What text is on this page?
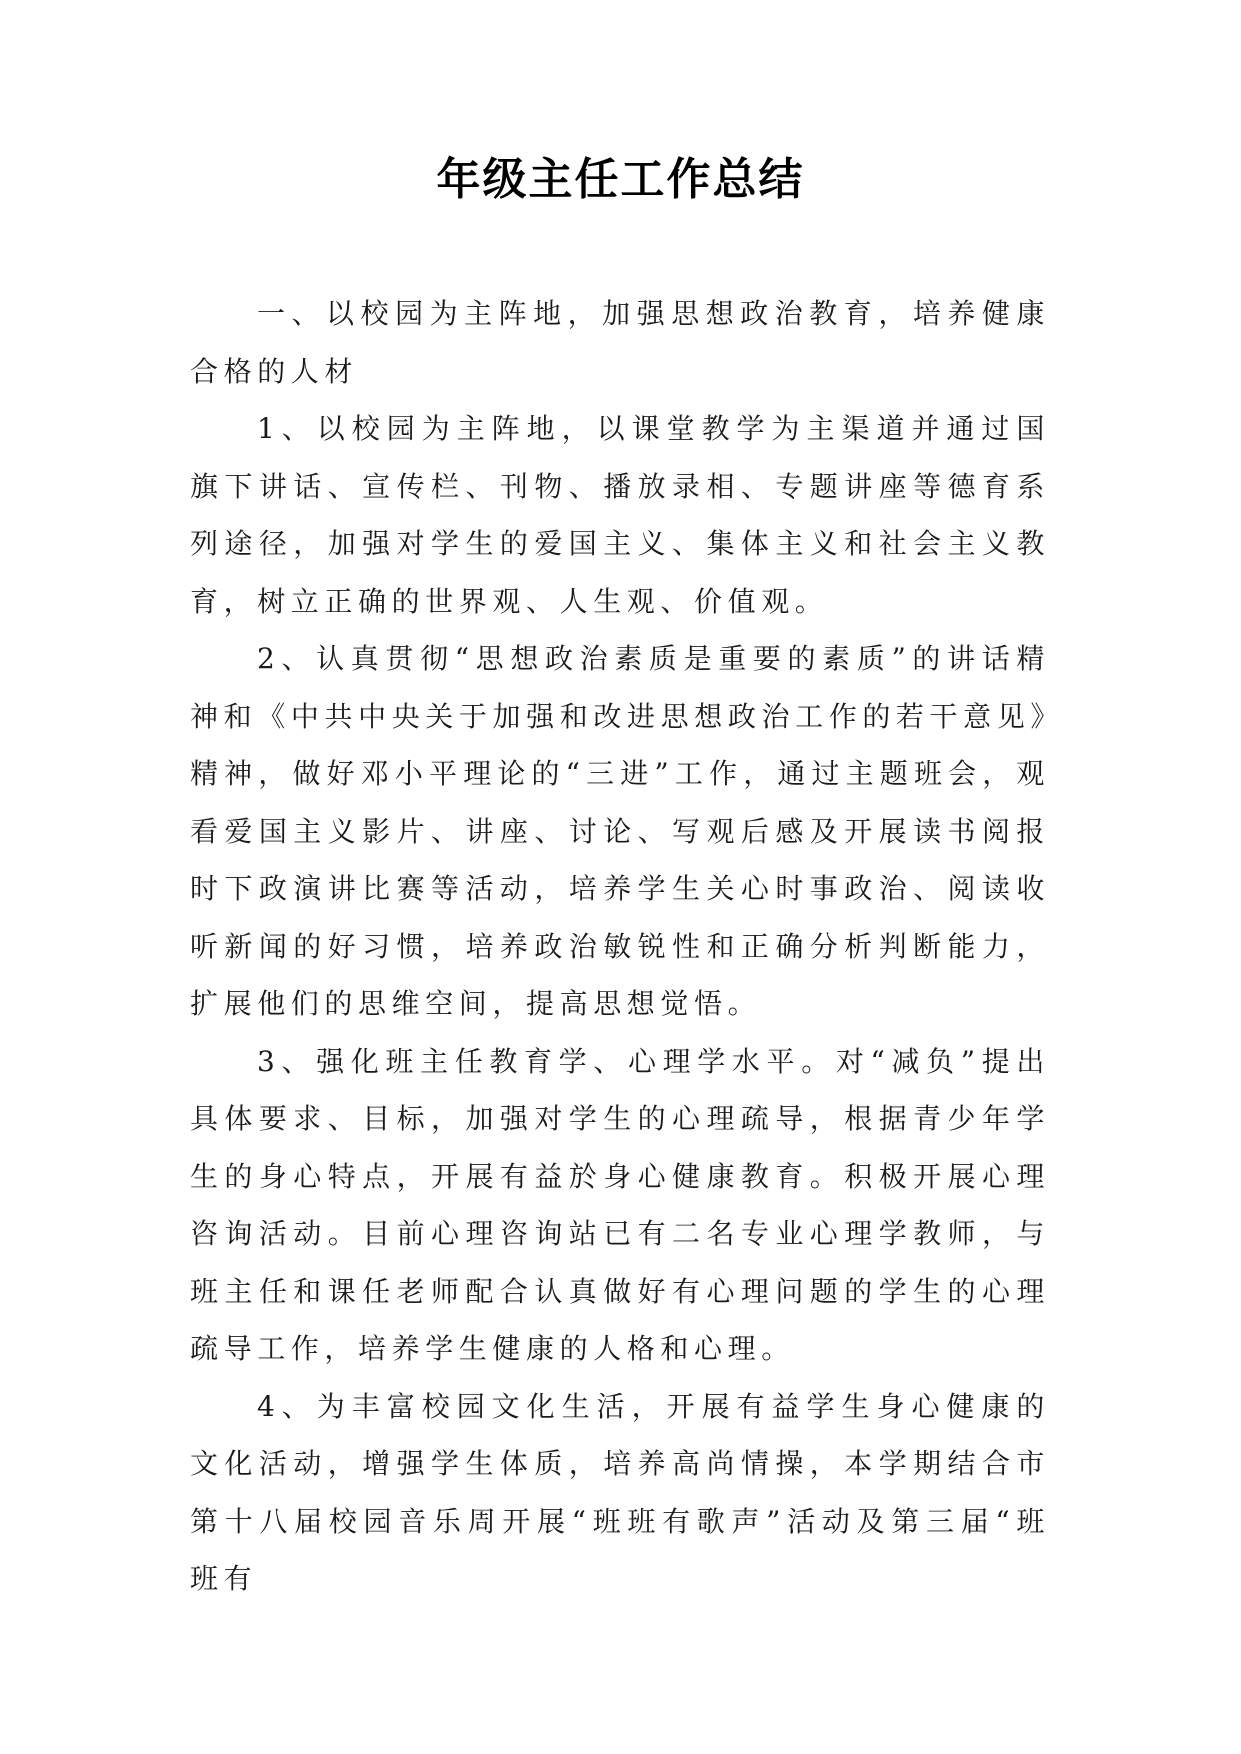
年级主任工作总结

一、以校园为主阵地，加强思想政治教育，培养健康合格的人材

1、以校园为主阵地，以课堂教学为主渠道并通过国旗下讲话、宣传栏、刊物、播放录相、专题讲座等德育系列途径，加强对学生的爱国主义、集体主义和社会主义教育，树立正确的世界观、人生观、价值观。

2、认真贯彻“思想政治素质是重要的素质”的讲话精神和《中共中央关于加强和改进思想政治工作的若干意见》精神，做好邓小平理论的“三进”工作，通过主题班会，观看爱国主义影片、讲座、讨论、写观后感及开展读书阅报时下政演讲比赛等活动，培养学生关心时事政治、阅读收听新闻的好习惯，培养政治敏锐性和正确分析判断能力，扩展他们的思维空间，提高思想觉悟。

3、强化班主任教育学、心理学水平。对“减负”提出具体要求、目标，加强对学生的心理疏导，根据青少年学生的身心特点，开展有益於身心健康教育。积极开展心理咨询活动。目前心理咨询站已有二名专业心理学教师，与班主任和课任老师配合认真做好有心理问题的学生的心理疏导工作，培养学生健康的人格和心理。

4、为丰富校园文化生活，开展有益学生身心健康的文化活动，增强学生体质，培养高尚情操，本学期结合市第十八届校园音乐周开展“班班有歌声”活动及第三届“班班有
